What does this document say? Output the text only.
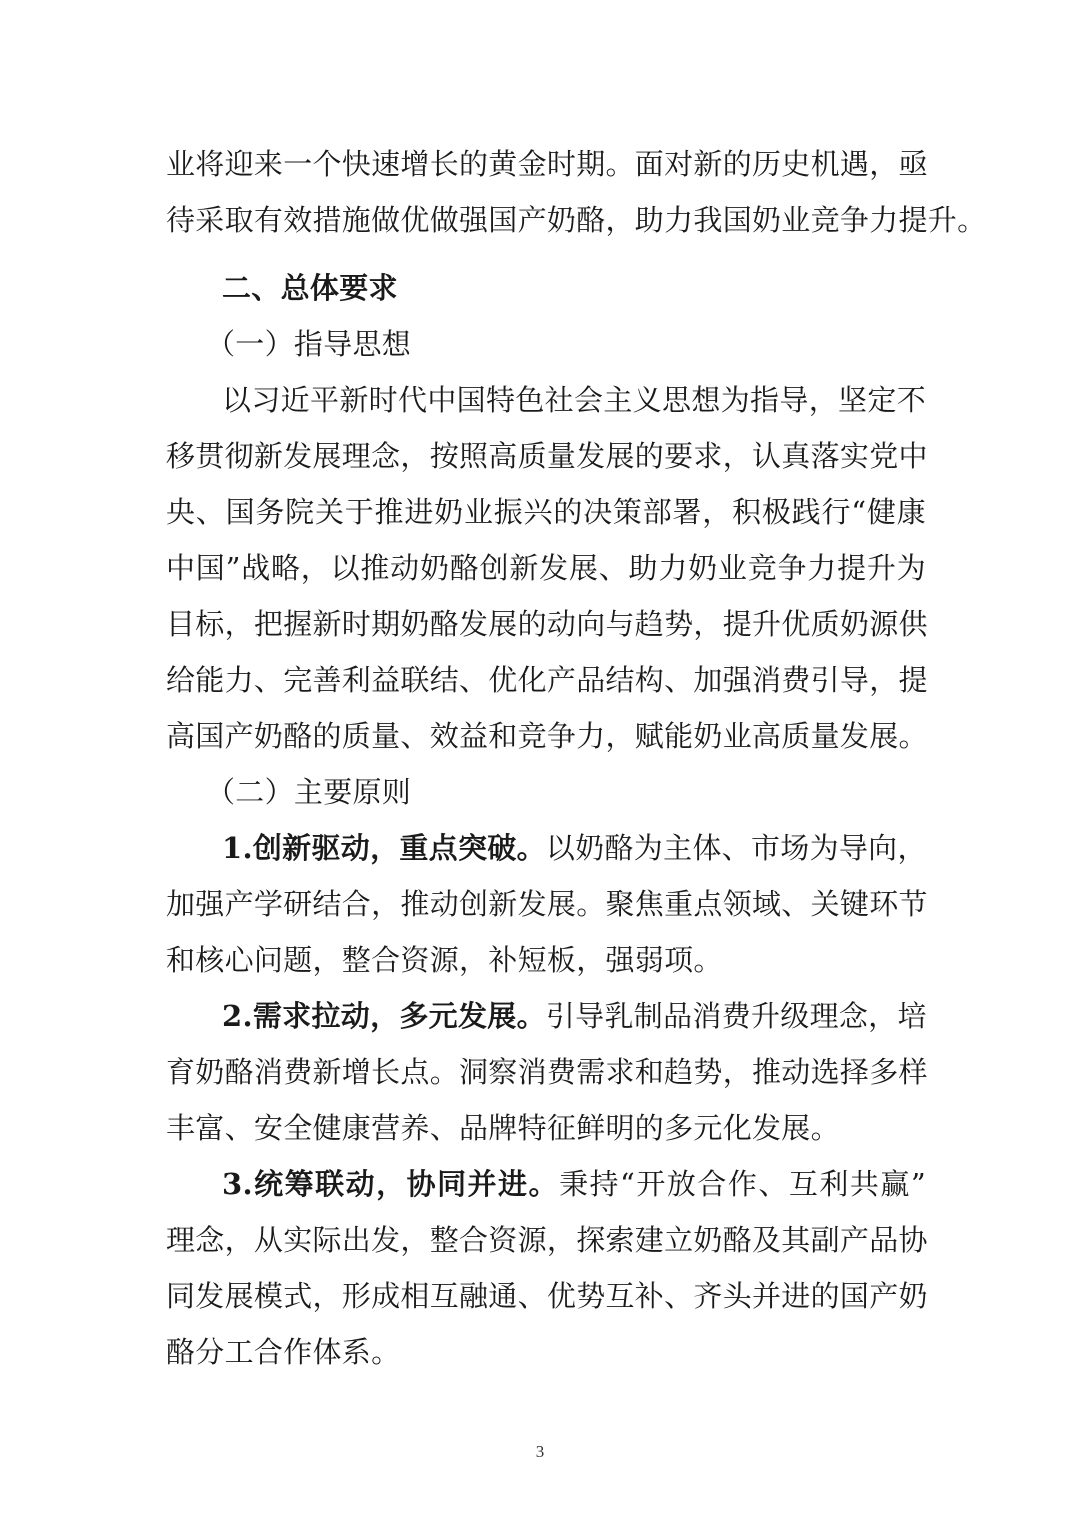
业将迎来一个快速增长的黄金时期。面对新的历史机遇，亟
待采取有效措施做优做强国产奶酪，助力我国奶业竞争力提升。
二、总体要求
（一）指导思想
以习近平新时代中国特色社会主义思想为指导，坚定不
移贯彻新发展理念，按照高质量发展的要求，认真落实党中
央、国务院关于推进奶业振兴的决策部署，积极践行“健康
中国”战略，以推动奶酪创新发展、助力奶业竞争力提升为
目标，把握新时期奶酪发展的动向与趋势，提升优质奶源供
给能力、完善利益联结、优化产品结构、加强消费引导，提
高国产奶酪的质量、效益和竞争力，赋能奶业高质量发展。
（二）主要原则
1.创新驱动，重点突破。以奶酪为主体、市场为导向，
加强产学研结合，推动创新发展。聚焦重点领域、关键环节
和核心问题，整合资源，补短板，强弱项。
2.需求拉动，多元发展。引导乳制品消费升级理念，培
育奶酪消费新增长点。洞察消费需求和趋势，推动选择多样
丰富、安全健康营养、品牌特征鲜明的多元化发展。
3.统筹联动，协同并进。秉持“开放合作、互利共赢”
理念，从实际出发，整合资源，探索建立奶酪及其副产品协
同发展模式，形成相互融通、优势互补、齐头并进的国产奶
酪分工合作体系。
3
